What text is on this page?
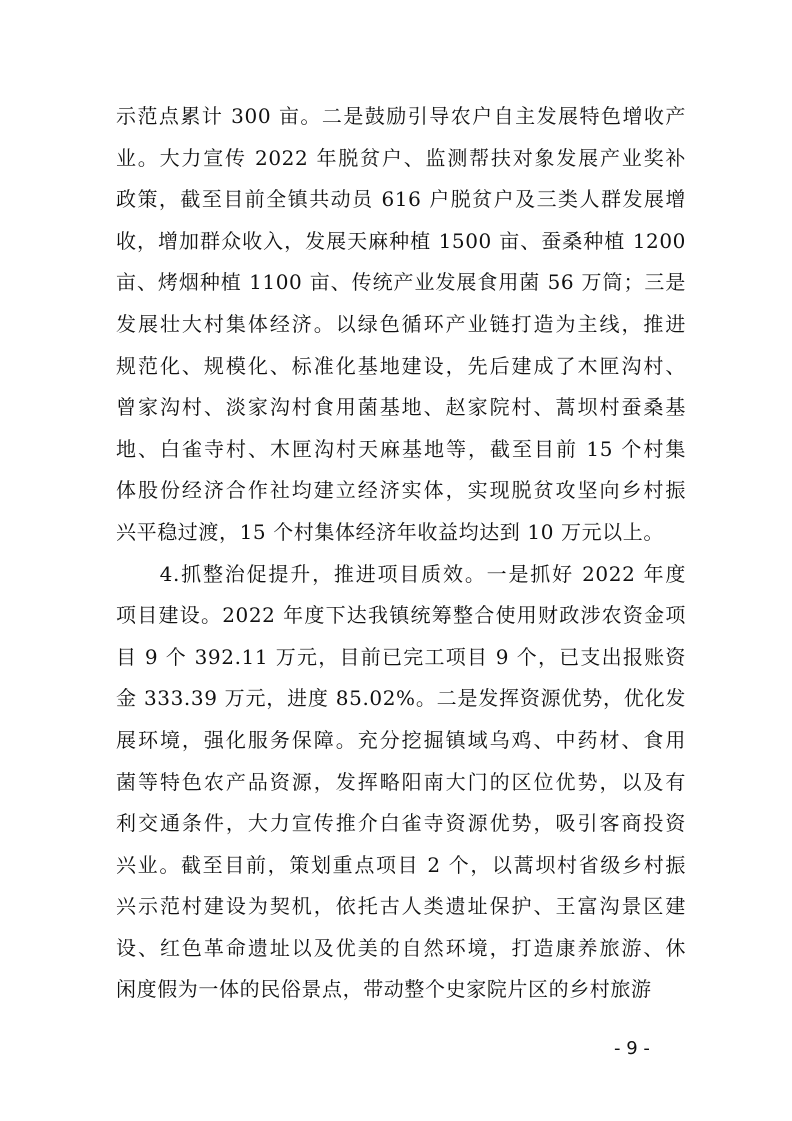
示范点累计 300 亩。二是鼓励引导农户自主发展特色增收产
业。大力宣传 2022 年脱贫户、监测帮扶对象发展产业奖补
政策，截至目前全镇共动员 616 户脱贫户及三类人群发展增
收，增加群众收入，发展天麻种植 1500 亩、蚕桑种植 1200
亩、烤烟种植 1100 亩、传统产业发展食用菌 56 万筒；三是
发展壮大村集体经济。以绿色循环产业链打造为主线，推进
规范化、规模化、标准化基地建设，先后建成了木匣沟村、
曾家沟村、淡家沟村食用菌基地、赵家院村、蒿坝村蚕桑基
地、白雀寺村、木匣沟村天麻基地等，截至目前 15 个村集
体股份经济合作社均建立经济实体，实现脱贫攻坚向乡村振
兴平稳过渡，15 个村集体经济年收益均达到 10 万元以上。
　　4.抓整治促提升，推进项目质效。一是抓好 2022 年度
项目建设。2022 年度下达我镇统筹整合使用财政涉农资金项
目 9 个 392.11 万元，目前已完工项目 9 个，已支出报账资
金 333.39 万元，进度 85.02%。二是发挥资源优势，优化发
展环境，强化服务保障。充分挖掘镇域乌鸡、中药材、食用
菌等特色农产品资源，发挥略阳南大门的区位优势，以及有
利交通条件，大力宣传推介白雀寺资源优势，吸引客商投资
兴业。截至目前，策划重点项目 2 个，以蒿坝村省级乡村振
兴示范村建设为契机，依托古人类遗址保护、王富沟景区建
设、红色革命遗址以及优美的自然环境，打造康养旅游、休
闲度假为一体的民俗景点，带动整个史家院片区的乡村旅游
- 9 -
